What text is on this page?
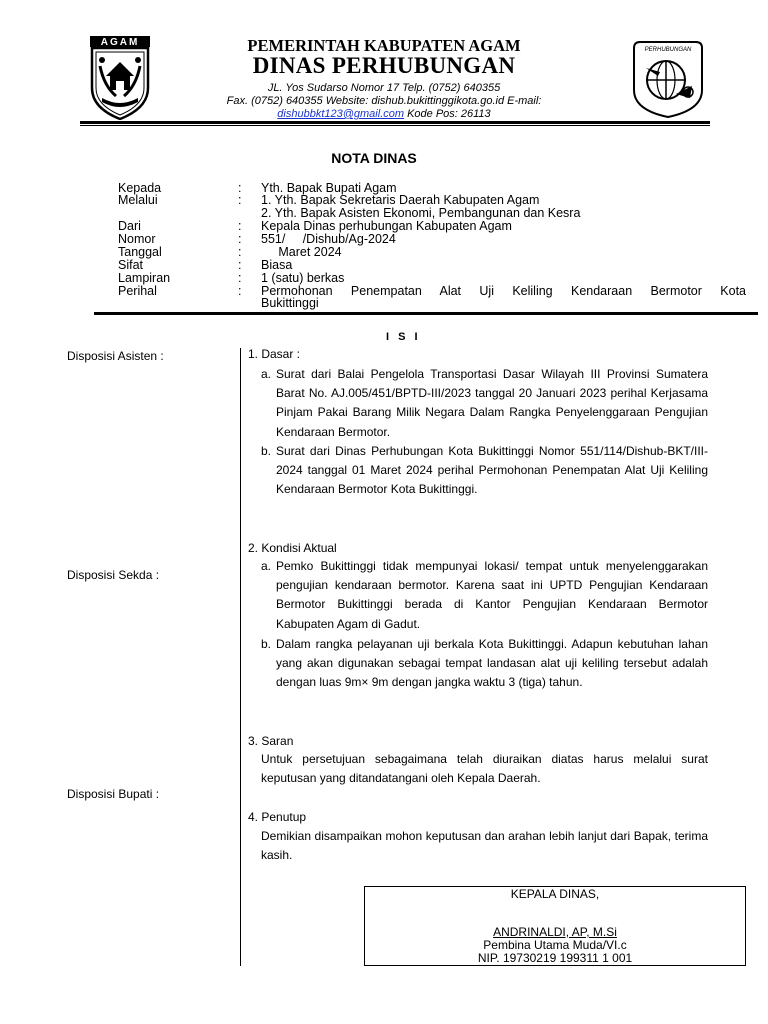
AGAM
PERHUBUNGAN
PEMERINTAH KABUPATEN AGAM
DINAS PERHUBUNGAN
JL. Yos Sudarso Nomor 17 Telp. (0752) 640355
Fax. (0752) 640355 Website: dishub.bukittinggikota.go.id E-mail:
dishubbkt123@gmail.com Kode Pos: 26113
NOTA DINAS
Kepada	: Yth. Bapak Bupati Agam
Melalui	: 1. Yth. Bapak Sekretaris Daerah Kabupaten Agam
2. Yth. Bapak Asisten Ekonomi, Pembangunan dan Kesra
Dari	: Kepala Dinas perhubungan Kabupaten Agam
Nomor	: 551/     /Dishub/Ag-2024
Tanggal	: Maret 2024
Sifat	: Biasa
Lampiran	: 1 (satu) berkas
Perihal	: Permohonan Penempatan Alat Uji Keliling Kendaraan Bermotor Kota
Bukittinggi
I S I
Disposisi Asisten :
Disposisi Sekda :
Disposisi Bupati :
1. Dasar :
a. Surat dari Balai Pengelola Transportasi Dasar Wilayah III Provinsi Sumatera Barat No. AJ.005/451/BPTD-III/2023 tanggal 20 Januari 2023 perihal Kerjasama Pinjam Pakai Barang Milik Negara Dalam Rangka Penyelenggaraan Pengujian Kendaraan Bermotor.
b. Surat dari Dinas Perhubungan Kota Bukittinggi Nomor 551/114/Dishub-BKT/III-2024 tanggal 01 Maret 2024 perihal Permohonan Penempatan Alat Uji Keliling Kendaraan Bermotor Kota Bukittinggi.
2. Kondisi Aktual
a. Pemko Bukittinggi tidak mempunyai lokasi/ tempat untuk menyelenggarakan pengujian kendaraan bermotor. Karena saat ini UPTD Pengujian Kendaraan Bermotor Bukittinggi berada di Kantor Pengujian Kendaraan Bermotor Kabupaten Agam di Gadut.
b. Dalam rangka pelayanan uji berkala Kota Bukittinggi. Adapun kebutuhan lahan yang akan digunakan sebagai tempat landasan alat uji keliling tersebut adalah dengan luas 9m× 9m dengan jangka waktu 3 (tiga) tahun.
3. Saran
Untuk persetujuan sebagaimana telah diuraikan diatas harus melalui surat keputusan yang ditandatangani oleh Kepala Daerah.
4. Penutup
Demikian disampaikan mohon keputusan dan arahan lebih lanjut dari Bapak, terima kasih.
KEPALA DINAS,
ANDRINALDI, AP, M.Si
Pembina Utama Muda/VI.c
NIP. 19730219 199311 1 001
